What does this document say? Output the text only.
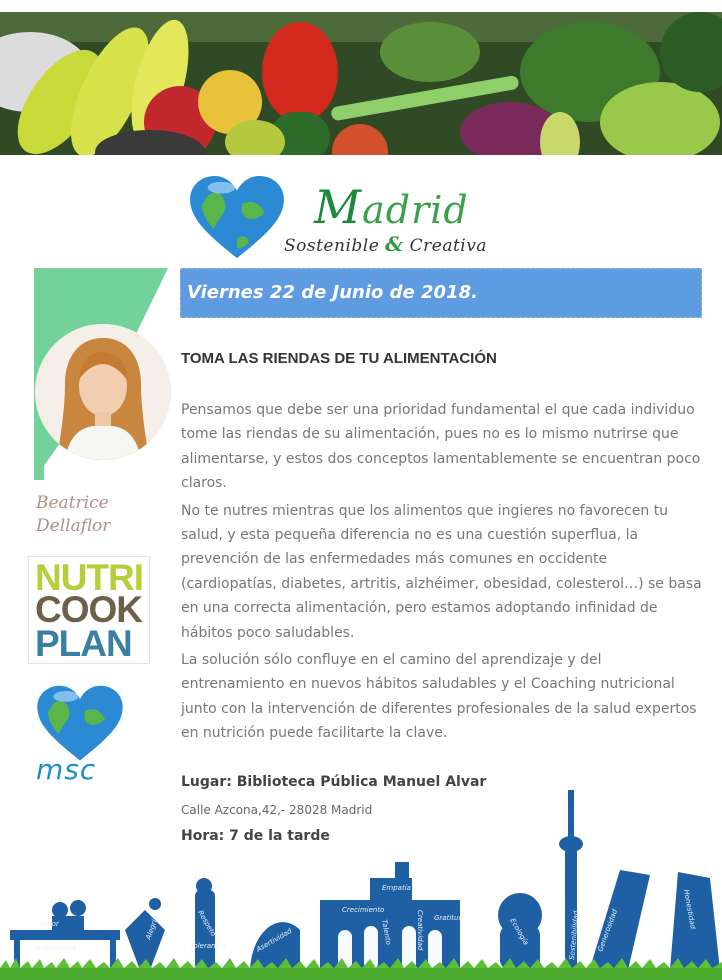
Madrid
Sostenible & Creativa
Viernes 22 de Junio de 2018.
Beatrice
Dellaflor
NUTRI
COOK
PLAN
msc
TOMA LAS RIENDAS DE TU ALIMENTACIÓN

Pensamos que debe ser una prioridad fundamental el que cada individuo tome las riendas de su alimentación, pues no es lo mismo nutrirse que alimentarse, y estos dos conceptos lamentablemente se encuentran poco claros.

No te nutres mientras que los alimentos que ingieres no favorecen tu salud, y esta pequeña diferencia no es una cuestión superflua, la prevención de las enfermedades más comunes en occidente (cardiopatías, diabetes, artritis, alzhéimer, obesidad, colesterol…) se basa en una correcta alimentación, pero estamos adoptando infinidad de hábitos poco saludables.

La solución sólo confluye en el camino del aprendizaje y del entrenamiento en nuevos hábitos saludables y el Coaching nutricional junto con la intervención de diferentes profesionales de la salud expertos en nutrición puede facilitarte la clave.

Lugar: Biblioteca Pública Manuel Alvar
Calle Azcona,42,- 28028 Madrid
Hora: 7 de la tarde
Amor
Solidaridad
Alegría	Respeto
Tolerancia	Asertividad
Empatía
Crecimiento
Talento	Creatividad Gratitud	Ecología	Sostenibilidad Generosidad	Honestidad
